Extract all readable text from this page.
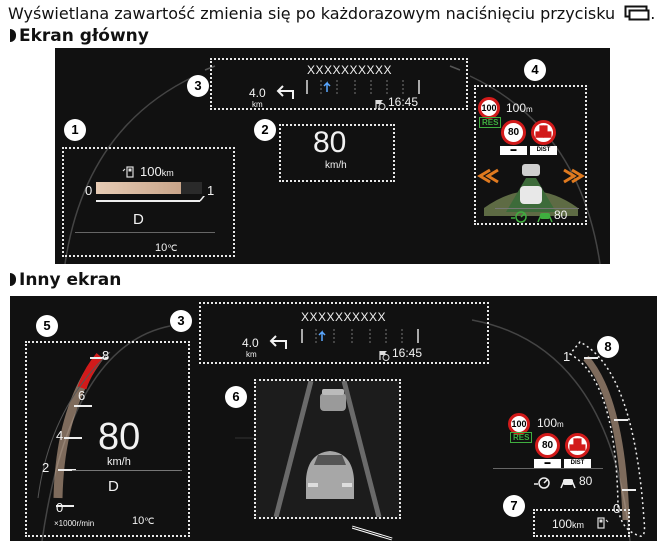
Wyświetlana zawartość zmienia się po każdorazowym naciśnięciu przycisku .
Ekran główny
XXXXXXXXXX
4.0
km	16:45
3
80
km/h
2
100km
0	1
D
10℃
1
100 100m
RES
80
▬
▟▙
DIST
80
4
Inny ekran
XXXXXXXXXX
4.0
km	16:45
3
8
6
4
2
0
80
km/h
D
×1000r/min	10℃
5
6
100 100m
RES
80
▬
▟▙
DIST
80
1
0
8
100km
7
